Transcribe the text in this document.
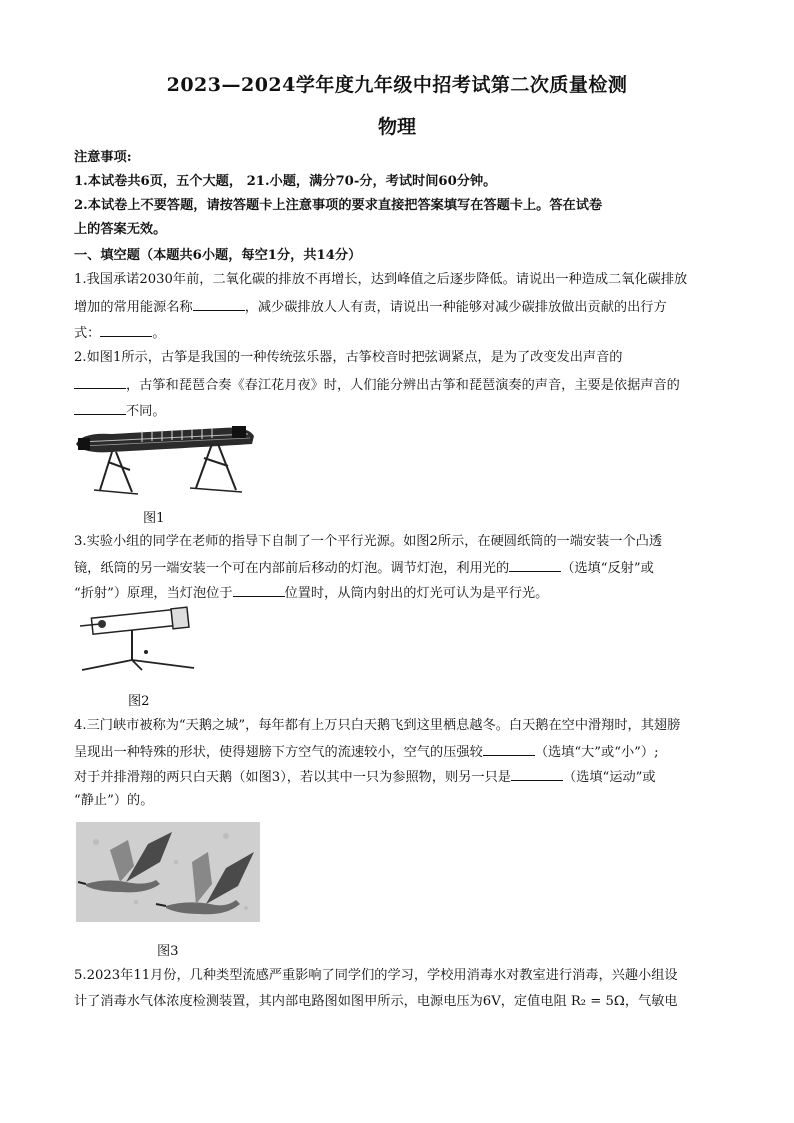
2023—2024学年度九年级中招考试第二次质量检测
物理
注意事项:
1.本试卷共6页，五个大题， 21.小题，满分70-分，考试时间60分钟。
2.本试卷上不要答题，请按答题卡上注意事项的要求直接把答案填写在答题卡上。答在试卷
上的答案无效。
一、填空题（本题共6小题，每空1分，共14分）
1.我国承诺2030年前，二氧化碳的排放不再增长，达到峰值之后逐步降低。请说出一种造成二氧化碳排放
增加的常用能源名称	，减少碳排放人人有责，请说出一种能够对减少碳排放做出贡献的出行方
式：	。
2.如图1所示，古筝是我国的一种传统弦乐器，古筝校音时把弦调紧点，是为了改变发出声音的
，古筝和琵琶合奏《春江花月夜》时，人们能分辨出古筝和琵琶演奏的声音，主要是依据声音的
不同。
图1
3.实验小组的同学在老师的指导下自制了一个平行光源。如图2所示，在硬圆纸筒的一端安装一个凸透
镜，纸筒的另一端安装一个可在内部前后移动的灯泡。调节灯泡，利用光的	（选填“反射”或
“折射”）原理，当灯泡位于	位置时，从筒内射出的灯光可认为是平行光。
图2
4.三门峡市被称为“天鹅之城”，每年都有上万只白天鹅飞到这里栖息越冬。白天鹅在空中滑翔时，其翅膀
呈现出一种特殊的形状，使得翅膀下方空气的流速较小，空气的压强较	（选填“大”或“小”）;
对于并排滑翔的两只白天鹅（如图3），若以其中一只为参照物，则另一只是	（选填“运动”或
“静止”）的。
图3
5.2023年11月份，几种类型流感严重影响了同学们的学习，学校用消毒水对教室进行消毒，兴趣小组设
计了消毒水气体浓度检测装置，其内部电路图如图甲所示，电源电压为6V，定值电阻 R₂ = 5Ω，气敏电
